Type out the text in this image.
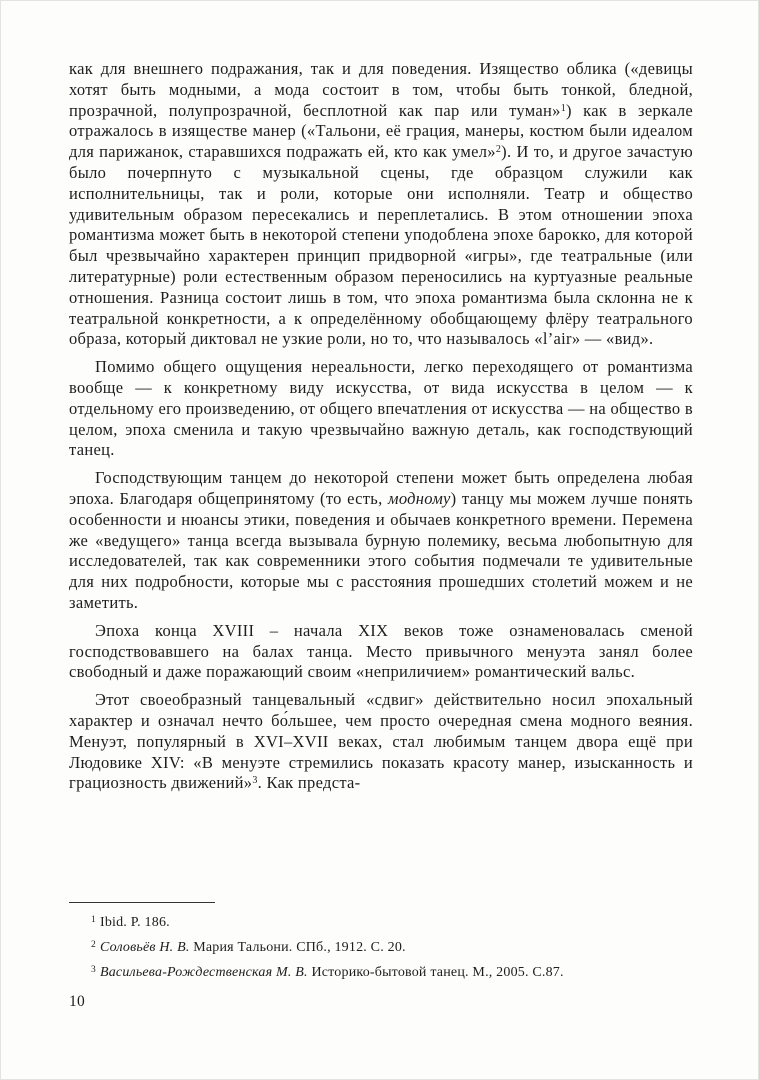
как для внешнего подражания, так и для поведения. Изящество облика («девицы хотят быть модными, а мода состоит в том, чтобы быть тонкой, бледной, прозрачной, полупрозрачной, бесплотной как пар или туман»$^1$) как в зеркале отражалось в изяществе манер («Тальони, её грация, манеры, костюм были идеалом для парижанок, старавшихся подражать ей, кто как умел»$^2$). И то, и другое зачастую было почерпнуто с музыкальной сцены, где образцом служили как исполнительницы, так и роли, которые они исполняли. Театр и общество удивительным образом пересекались и переплетались. В этом отношении эпоха романтизма может быть в некоторой степени уподоблена эпохе барокко, для которой был чрезвычайно характерен принцип придворной «игры», где театральные (или литературные) роли естественным образом переносились на куртуазные реальные отношения. Разница состоит лишь в том, что эпоха романтизма была склонна не к театральной конкретности, а к определённому обобщающему флёру театрального образа, который диктовал не узкие роли, но то, что называлось «l’air» — «вид».

Помимо общего ощущения нереальности, легко переходящего от романтизма вообще — к конкретному виду искусства, от вида искусства в целом — к отдельному его произведению, от общего впечатления от искусства — на общество в целом, эпоха сменила и такую чрезвычайно важную деталь, как господствующий танец.

Господствующим танцем до некоторой степени может быть определена любая эпоха. Благодаря общепринятому (то есть, модному) танцу мы можем лучше понять особенности и нюансы этики, поведения и обычаев конкретного времени. Перемена же «ведущего» танца всегда вызывала бурную полемику, весьма любопытную для исследователей, так как современники этого события подмечали те удивительные для них подробности, которые мы с расстояния прошедших столетий можем и не заметить.

Эпоха конца XVIII – начала XIX веков тоже ознаменовалась сменой господствовавшего на балах танца. Место привычного менуэта занял более свободный и даже поражающий своим «неприличием» романтический вальс.

Этот своеобразный танцевальный «сдвиг» действительно носил эпохальный характер и означал нечто бо́льшее, чем просто очередная смена модного веяния. Менуэт, популярный в XVI–XVII веках, стал любимым танцем двора ещё при Людовике XIV: «В менуэте стремились показать красоту манер, изысканность и грациозность движений»$^3$. Как предста-

$^1$ Ibid. P. 186.

$^2$ Соловьёв Н. В. Мария Тальони. СПб., 1912. С. 20.

$^3$ Васильева-Рождественская М. В. Историко-бытовой танец. М., 2005. С.87.

10
